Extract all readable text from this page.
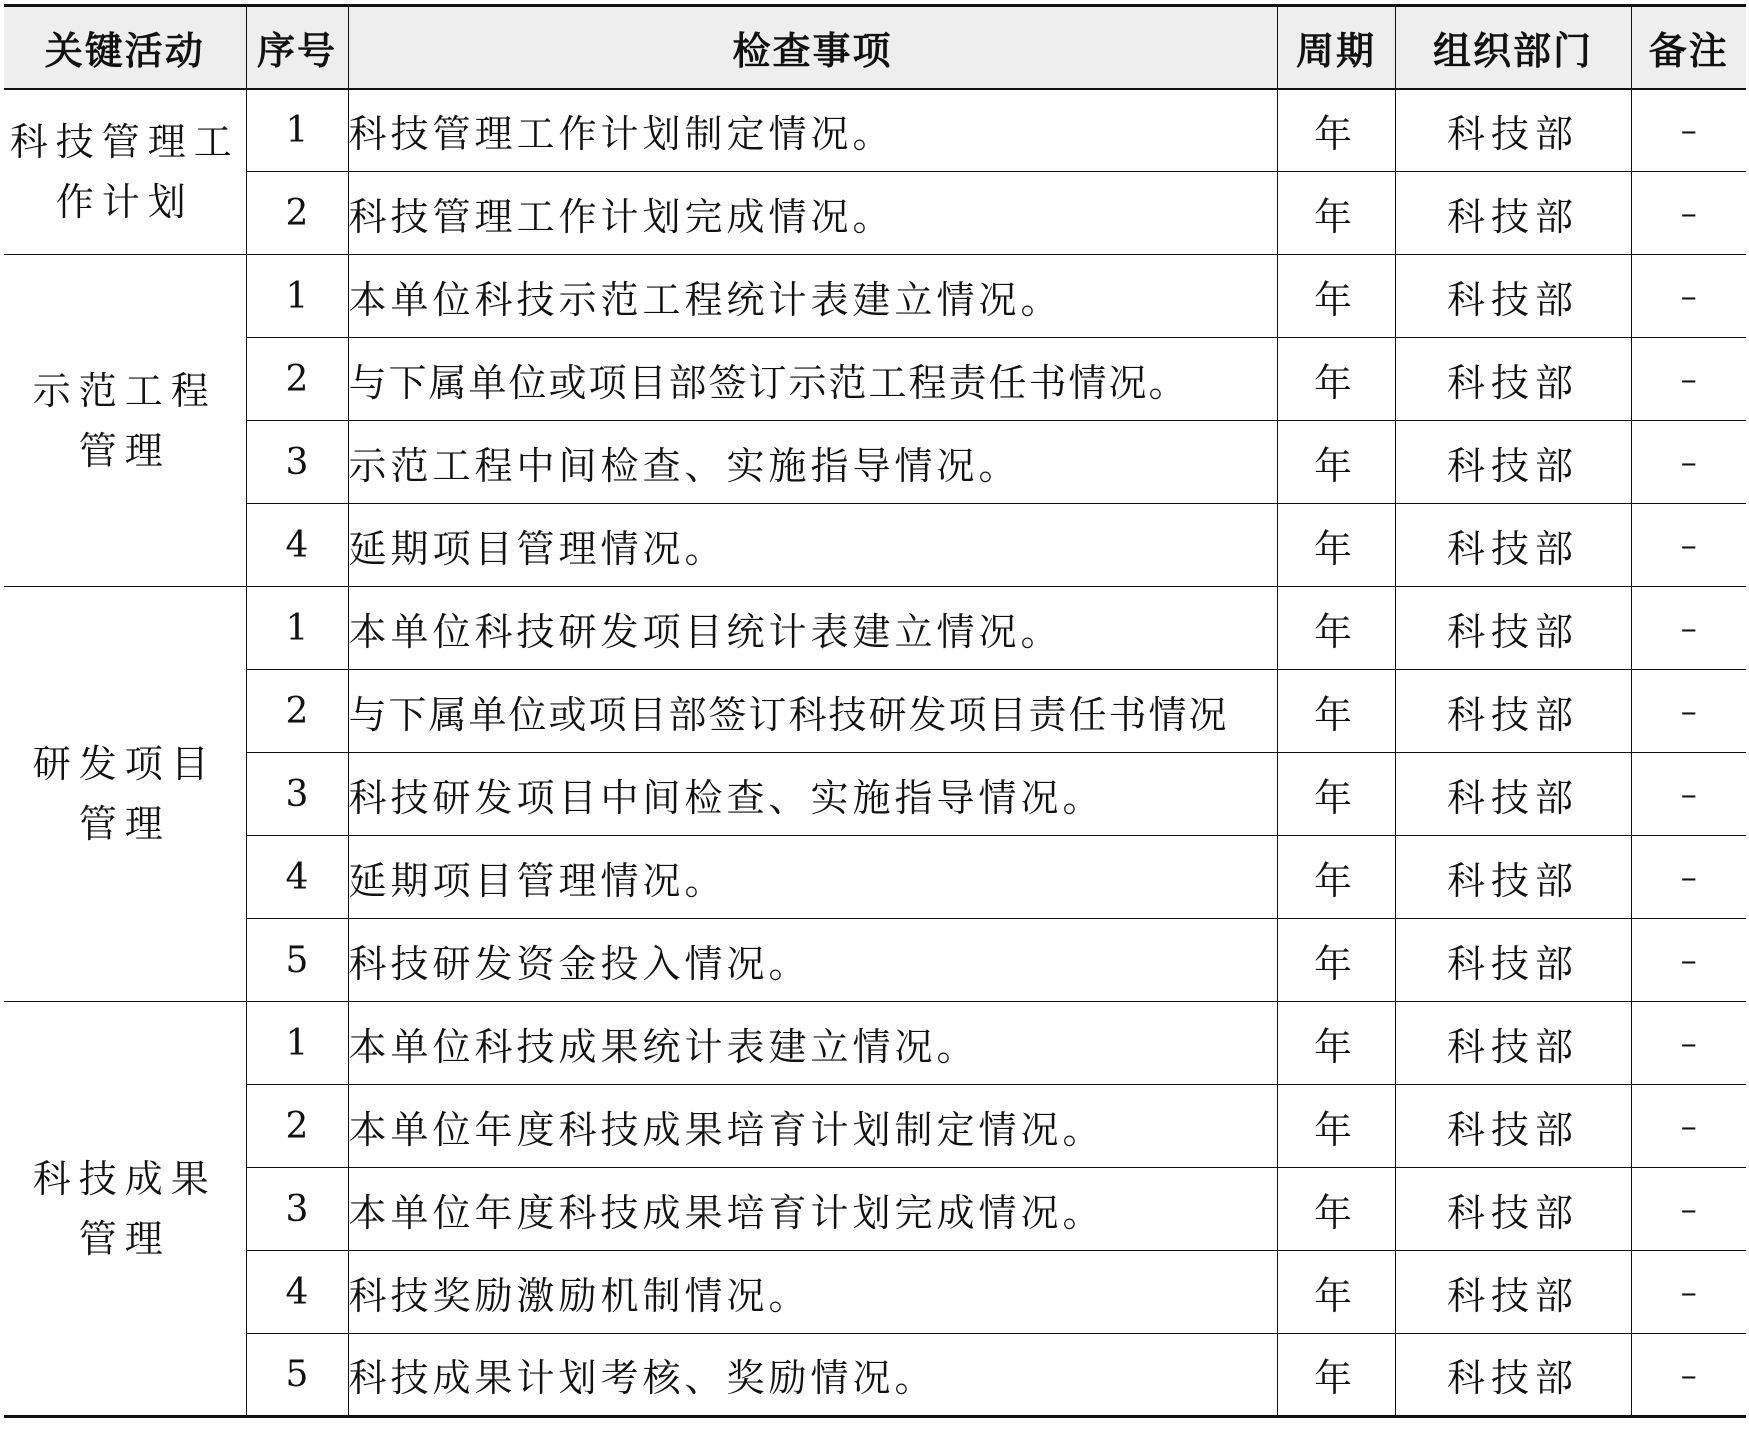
关键活动	序号	检查事项	周期	组织部门	备注

科技管理工
作计划	1	科技管理工作计划制定情况。	年	科技部	–
	2	科技管理工作计划完成情况。	年	科技部	–

示范工程
管理	1	本单位科技示范工程统计表建立情况。	年	科技部	–
	2	与下属单位或项目部签订示范工程责任书情况。	年	科技部	–
	3	示范工程中间检查、实施指导情况。	年	科技部	–
	4	延期项目管理情况。	年	科技部	–

研发项目
管理	1	本单位科技研发项目统计表建立情况。	年	科技部	–
	2	与下属单位或项目部签订科技研发项目责任书情况	年	科技部	–
	3	科技研发项目中间检查、实施指导情况。	年	科技部	–
	4	延期项目管理情况。	年	科技部	–
	5	科技研发资金投入情况。	年	科技部	–

科技成果
管理	1	本单位科技成果统计表建立情况。	年	科技部	–
	2	本单位年度科技成果培育计划制定情况。	年	科技部	–
	3	本单位年度科技成果培育计划完成情况。	年	科技部	–
	4	科技奖励激励机制情况。	年	科技部	–
	5	科技成果计划考核、奖励情况。	年	科技部	–
